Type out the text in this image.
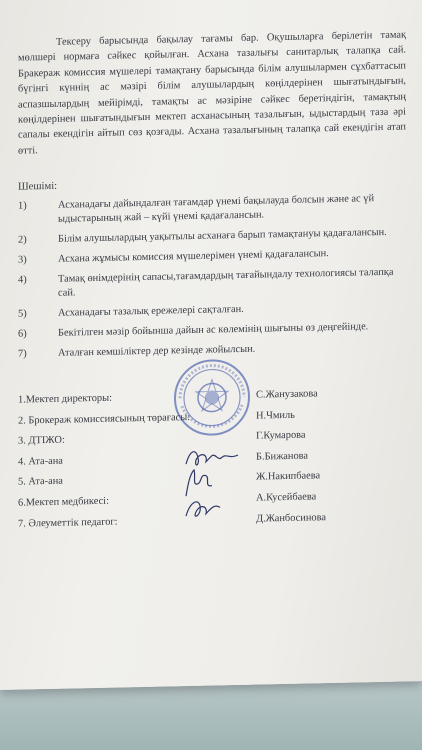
Тексеру барысында бақылау тағамы бар. Оқушыларға берілетін тамақ мөлшері нормаға сәйкес қойылған. Асхана тазалығы санитарлық талапқа сай. Бракераж комиссия мүшелері тамақтану барысында білім алушылармен сұхбаттасып бүгінгі күннің ас мәзірі білім алушылардың көңілдерінен шығатындығын, аспазшылардың мейірімді, тамақты ас мәзіріне сәйкес беретіндігін, тамақтың көңілдерінен шығатындығын мектеп асханасының тазалығын, ыдыстардың таза әрі сапалы екендігін айтып сөз қозғады. Асхана тазалығының талапқа сай екендігін атап өтті.

Шешімі:

1)	Асханадағы дайындалған тағамдар үнемі бақылауда болсын және ас үй ыдыстарының жай – күйі үнемі қадағалансын.
2)	Білім алушылардың уақытылы асханаға барып тамақтануы қадағалансын.
3)	Асхана жұмысы комиссия мүшелерімен үнемі қадағалансын.
4)	Тамақ өнімдерінің сапасы,тағамдардың тағайындалу технологиясы талапқа сай.
5)	Асханадағы тазалық ережелері сақталған.
6)	Бекітілген мәзір бойынша дайын ас көлемінің шығыны өз деңгейінде.
7)	Аталған кемшіліктер дер кезінде жойылсын.
1.Мектеп директоры:	С.Жанузакова
2. Брокераж комиссиясының төрағасы:	Н.Чмиль
3. ДТІЖО:	Г.Кумарова
4. Ата-ана	Б.Бижанова
5. Ата-ана	Ж.Накипбаева
6.Мектеп медбикесі:	А.Кусейбаева
7. Әлеуметтік педагог:	Д.Жанбосинова
